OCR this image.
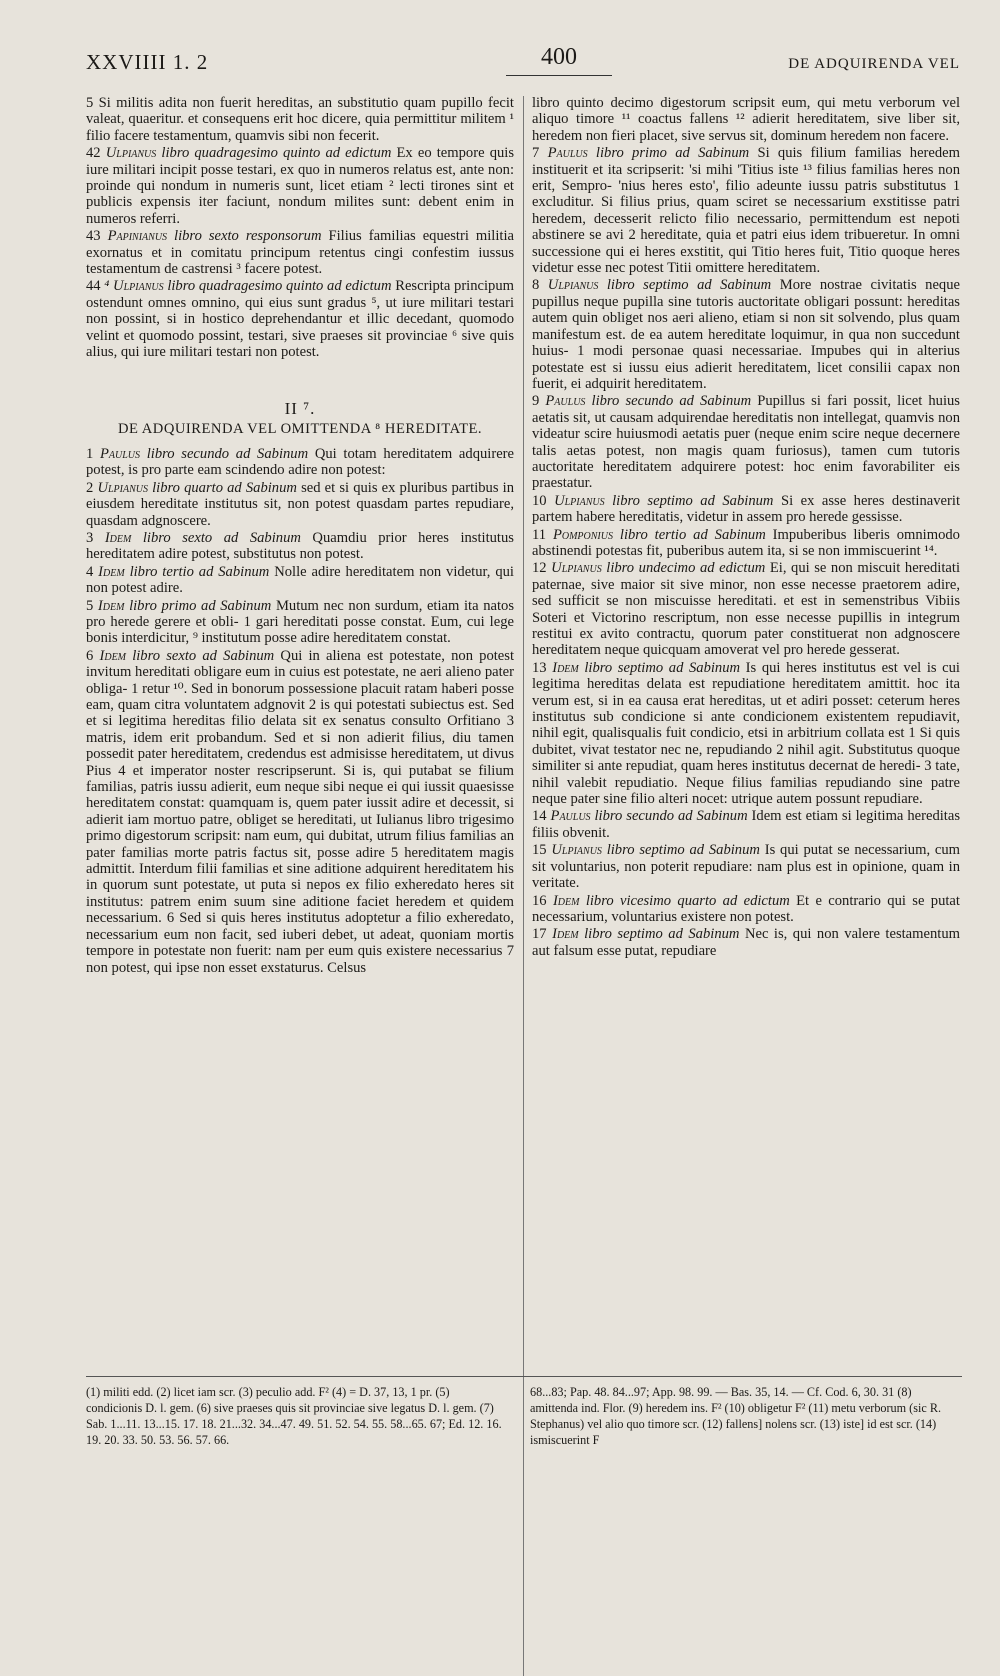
XXVIIII 1. 2	400	DE ADQUIRENDA VEL

5 Si militis adita non fuerit hereditas, an substitutio quam pupillo fecit valeat, quaeritur. et consequens erit hoc dicere, quia permittitur militem ¹ filio facere testamentum, quamvis sibi non fecerit.

42 Ulpianus libro quadragesimo quinto ad edictum Ex eo tempore quis iure militari incipit posse testari, ex quo in numeros relatus est, ante non: proinde qui nondum in numeris sunt, licet etiam ² lecti tirones sint et publicis expensis iter faciunt, nondum milites sunt: debent enim in numeros referri.

43 Papinianus libro sexto responsorum Filius familias equestri militia exornatus et in comitatu principum retentus cingi confestim iussus testamentum de castrensi ³ facere potest.

44 ⁴ Ulpianus libro quadragesimo quinto ad edictum Rescripta principum ostendunt omnes omnino, qui eius sunt gradus ⁵, ut iure militari testari non possint, si in hostico deprehendantur et illic decedant, quomodo velint et quomodo possint, testari, sive praeses sit provinciae ⁶ sive quis alius, qui iure militari testari non potest.

II ⁷.
DE ADQUIRENDA VEL OMITTENDA ⁸ HEREDITATE.

1 Paulus libro secundo ad Sabinum Qui totam hereditatem adquirere potest, is pro parte eam scindendo adire non potest:

2 Ulpianus libro quarto ad Sabinum sed et si quis ex pluribus partibus in eiusdem hereditate institutus sit, non potest quasdam partes repudiare, quasdam adgnoscere.

3 Idem libro sexto ad Sabinum Quamdiu prior heres institutus hereditatem adire potest, substitutus non potest.

4 Idem libro tertio ad Sabinum Nolle adire hereditatem non videtur, qui non potest adire.

5 Idem libro primo ad Sabinum Mutum nec non surdum, etiam ita natos pro herede gerere et obli- 1 gari hereditati posse constat. Eum, cui lege bonis interdicitur, ⁹ institutum posse adire hereditatem constat.

6 Idem libro sexto ad Sabinum Qui in aliena est potestate, non potest invitum hereditati obligare eum in cuius est potestate, ne aeri alieno pater obliga- 1 retur ¹⁰. Sed in bonorum possessione placuit ratam haberi posse eam, quam citra voluntatem adgnovit 2 is qui potestati subiectus est. Sed et si legitima hereditas filio delata sit ex senatus consulto Orfitiano 3 matris, idem erit probandum. Sed et si non adierit filius, diu tamen possedit pater hereditatem, credendus est admisisse hereditatem, ut divus Pius 4 et imperator noster rescripserunt. Si is, qui putabat se filium familias, patris iussu adierit, eum neque sibi neque ei qui iussit quaesisse hereditatem constat: quamquam is, quem pater iussit adire et decessit, si adierit iam mortuo patre, obliget se hereditati, ut Iulianus libro trigesimo primo digestorum scripsit: nam eum, qui dubitat, utrum filius familias an pater familias morte patris factus sit, posse adire 5 hereditatem magis admittit. Interdum filii familias et sine aditione adquirent hereditatem his in quorum sunt potestate, ut puta si nepos ex filio exheredato heres sit institutus: patrem enim suum sine aditione faciet heredem et quidem necessarium. 6 Sed si quis heres institutus adoptetur a filio exheredato, necessarium eum non facit, sed iuberi debet, ut adeat, quoniam mortis tempore in potestate non fuerit: nam per eum quis existere necessarius 7 non potest, qui ipse non esset exstaturus. Celsus

libro quinto decimo digestorum scripsit eum, qui metu verborum vel aliquo timore ¹¹ coactus fallens ¹² adierit hereditatem, sive liber sit, heredem non fieri placet, sive servus sit, dominum heredem non facere.

7 Paulus libro primo ad Sabinum Si quis filium familias heredem instituerit et ita scripserit: 'si mihi 'Titius iste ¹³ filius familias heres non erit, Sempro- 'nius heres esto', filio adeunte iussu patris substitutus 1 excluditur. Si filius prius, quam sciret se necessarium exstitisse patri heredem, decesserit relicto filio necessario, permittendum est nepoti abstinere se avi 2 hereditate, quia et patri eius idem tribueretur. In omni successione qui ei heres exstitit, qui Titio heres fuit, Titio quoque heres videtur esse nec potest Titii omittere hereditatem.

8 Ulpianus libro septimo ad Sabinum More nostrae civitatis neque pupillus neque pupilla sine tutoris auctoritate obligari possunt: hereditas autem quin obliget nos aeri alieno, etiam si non sit solvendo, plus quam manifestum est. de ea autem hereditate loquimur, in qua non succedunt huius- 1 modi personae quasi necessariae. Impubes qui in alterius potestate est si iussu eius adierit hereditatem, licet consilii capax non fuerit, ei adquirit hereditatem.

9 Paulus libro secundo ad Sabinum Pupillus si fari possit, licet huius aetatis sit, ut causam adquirendae hereditatis non intellegat, quamvis non videatur scire huiusmodi aetatis puer (neque enim scire neque decernere talis aetas potest, non magis quam furiosus), tamen cum tutoris auctoritate hereditatem adquirere potest: hoc enim favorabiliter eis praestatur.

10 Ulpianus libro septimo ad Sabinum Si ex asse heres destinaverit partem habere hereditatis, videtur in assem pro herede gessisse.

11 Pomponius libro tertio ad Sabinum Impuberibus liberis omnimodo abstinendi potestas fit, puberibus autem ita, si se non immiscuerint ¹⁴.

12 Ulpianus libro undecimo ad edictum Ei, qui se non miscuit hereditati paternae, sive maior sit sive minor, non esse necesse praetorem adire, sed sufficit se non miscuisse hereditati. et est in semenstribus Vibiis Soteri et Victorino rescriptum, non esse necesse pupillis in integrum restitui ex avito contractu, quorum pater constituerat non adgnoscere hereditatem neque quicquam amoverat vel pro herede gesserat.

13 Idem libro septimo ad Sabinum Is qui heres institutus est vel is cui legitima hereditas delata est repudiatione hereditatem amittit. hoc ita verum est, si in ea causa erat hereditas, ut et adiri posset: ceterum heres institutus sub condicione si ante condicionem existentem repudiavit, nihil egit, qualisqualis fuit condicio, etsi in arbitrium collata est 1 Si quis dubitet, vivat testator nec ne, repudiando 2 nihil agit. Substitutus quoque similiter si ante repudiat, quam heres institutus decernat de heredi- 3 tate, nihil valebit repudiatio. Neque filius familias repudiando sine patre neque pater sine filio alteri nocet: utrique autem possunt repudiare.

14 Paulus libro secundo ad Sabinum Idem est etiam si legitima hereditas filiis obvenit.

15 Ulpianus libro septimo ad Sabinum Is qui putat se necessarium, cum sit voluntarius, non poterit repudiare: nam plus est in opinione, quam in veritate.

16 Idem libro vicesimo quarto ad edictum Et e contrario qui se putat necessarium, voluntarius existere non potest.

17 Idem libro septimo ad Sabinum Nec is, qui non valere testamentum aut falsum esse putat, repudiare

(1) militi edd. (2) licet iam scr. (3) peculio add. F² (4) = D. 37, 13, 1 pr. (5) condicionis D. l. gem. (6) sive praeses quis sit provinciae sive legatus D. l. gem. (7) Sab. 1...11. 13...15. 17. 18. 21...32. 34...47. 49. 51. 52. 54. 55. 58...65. 67; Ed. 12. 16. 19. 20. 33. 50. 53. 56. 57. 66.
68...83; Pap. 48. 84...97; App. 98. 99. — Bas. 35, 14. — Cf. Cod. 6, 30. 31 (8) amittenda ind. Flor. (9) heredem ins. F² (10) obligetur F² (11) metu verborum (sic R. Stephanus) vel alio quo timore scr. (12) fallens] nolens scr. (13) iste] id est scr. (14) ismiscuerint F
